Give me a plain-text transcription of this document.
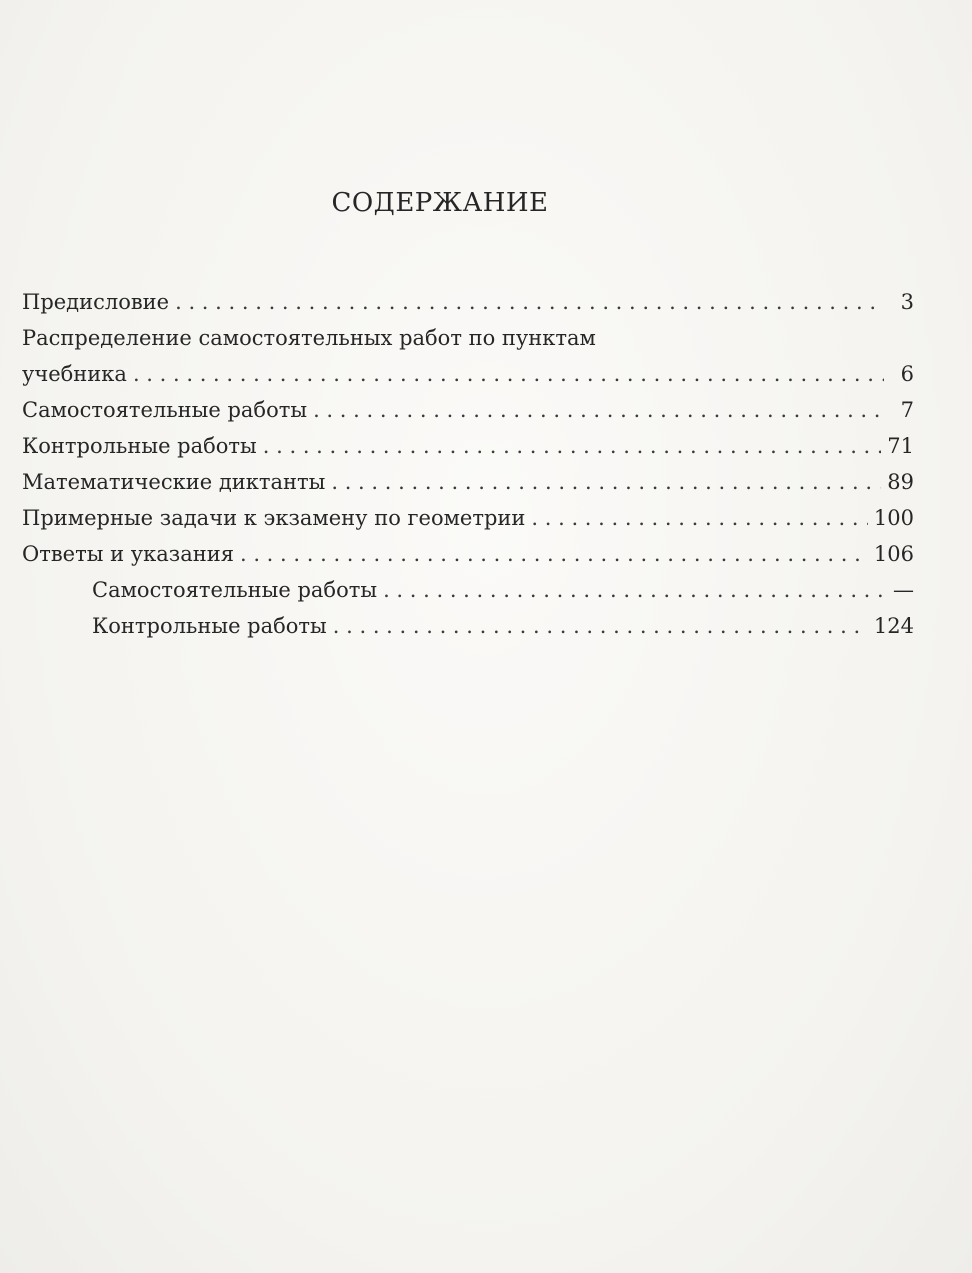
СОДЕРЖАНИЕ
Предисловие . . .	3
Распределение самостоятельных работ по пунктам
учебника . . .	6
Самостоятельные работы . . .	7
Контрольные работы . . .	71
Математические диктанты . . .	89
Примерные задачи к экзамену по геометрии . . .	100
Ответы и указания . . .	106
Самостоятельные работы . . .	—
Контрольные работы . . .	124
